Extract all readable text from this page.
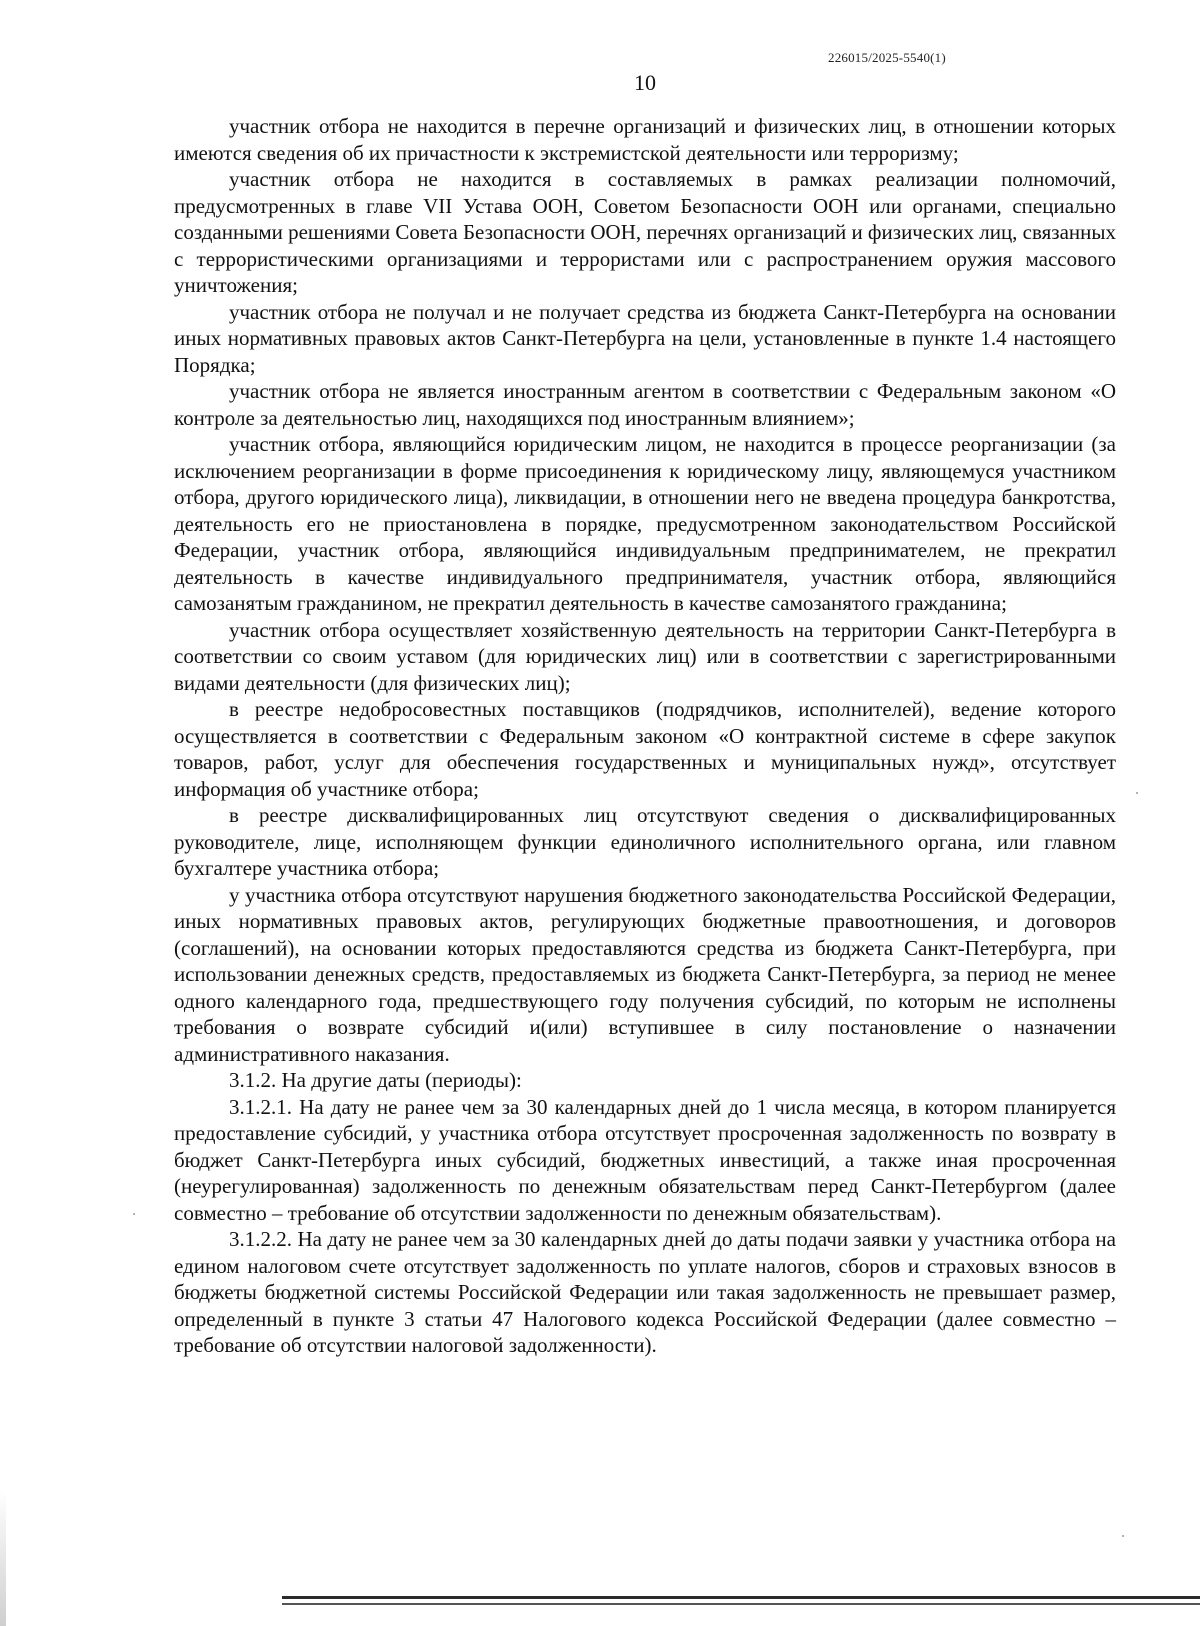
226015/2025-5540(1)
10

участник отбора не находится в перечне организаций и физических лиц, в отношении которых имеются сведения об их причастности к экстремистской деятельности или терроризму;

участник отбора не находится в составляемых в рамках реализации полномочий, предусмотренных в главе VII Устава ООН, Советом Безопасности ООН или органами, специально созданными решениями Совета Безопасности ООН, перечнях организаций и физических лиц, связанных с террористическими организациями и террористами или с распространением оружия массового уничтожения;

участник отбора не получал и не получает средства из бюджета Санкт-Петербурга на основании иных нормативных правовых актов Санкт-Петербурга на цели, установленные в пункте 1.4 настоящего Порядка;

участник отбора не является иностранным агентом в соответствии с Федеральным законом «О контроле за деятельностью лиц, находящихся под иностранным влиянием»;

участник отбора, являющийся юридическим лицом, не находится в процессе реорганизации (за исключением реорганизации в форме присоединения к юридическому лицу, являющемуся участником отбора, другого юридического лица), ликвидации, в отношении него не введена процедура банкротства, деятельность его не приостановлена в порядке, предусмотренном законодательством Российской Федерации, участник отбора, являющийся индивидуальным предпринимателем, не прекратил деятельность в качестве индивидуального предпринимателя, участник отбора, являющийся самозанятым гражданином, не прекратил деятельность в качестве самозанятого гражданина;

участник отбора осуществляет хозяйственную деятельность на территории Санкт-Петербурга в соответствии со своим уставом (для юридических лиц) или в соответствии с зарегистрированными видами деятельности (для физических лиц);

в реестре недобросовестных поставщиков (подрядчиков, исполнителей), ведение которого осуществляется в соответствии с Федеральным законом «О контрактной системе в сфере закупок товаров, работ, услуг для обеспечения государственных и муниципальных нужд», отсутствует информация об участнике отбора;

в реестре дисквалифицированных лиц отсутствуют сведения о дисквалифицированных руководителе, лице, исполняющем функции единоличного исполнительного органа, или главном бухгалтере участника отбора;

у участника отбора отсутствуют нарушения бюджетного законодательства Российской Федерации, иных нормативных правовых актов, регулирующих бюджетные правоотношения, и договоров (соглашений), на основании которых предоставляются средства из бюджета Санкт-Петербурга, при использовании денежных средств, предоставляемых из бюджета Санкт-Петербурга, за период не менее одного календарного года, предшествующего году получения субсидий, по которым не исполнены требования о возврате субсидий и(или) вступившее в силу постановление о назначении административного наказания.

3.1.2. На другие даты (периоды):

3.1.2.1. На дату не ранее чем за 30 календарных дней до 1 числа месяца, в котором планируется предоставление субсидий, у участника отбора отсутствует просроченная задолженность по возврату в бюджет Санкт-Петербурга иных субсидий, бюджетных инвестиций, а также иная просроченная (неурегулированная) задолженность по денежным обязательствам перед Санкт-Петербургом (далее совместно – требование об отсутствии задолженности по денежным обязательствам).

3.1.2.2. На дату не ранее чем за 30 календарных дней до даты подачи заявки у участника отбора на едином налоговом счете отсутствует задолженность по уплате налогов, сборов и страховых взносов в бюджеты бюджетной системы Российской Федерации или такая задолженность не превышает размер, определенный в пункте 3 статьи 47 Налогового кодекса Российской Федерации (далее совместно – требование об отсутствии налоговой задолженности).
